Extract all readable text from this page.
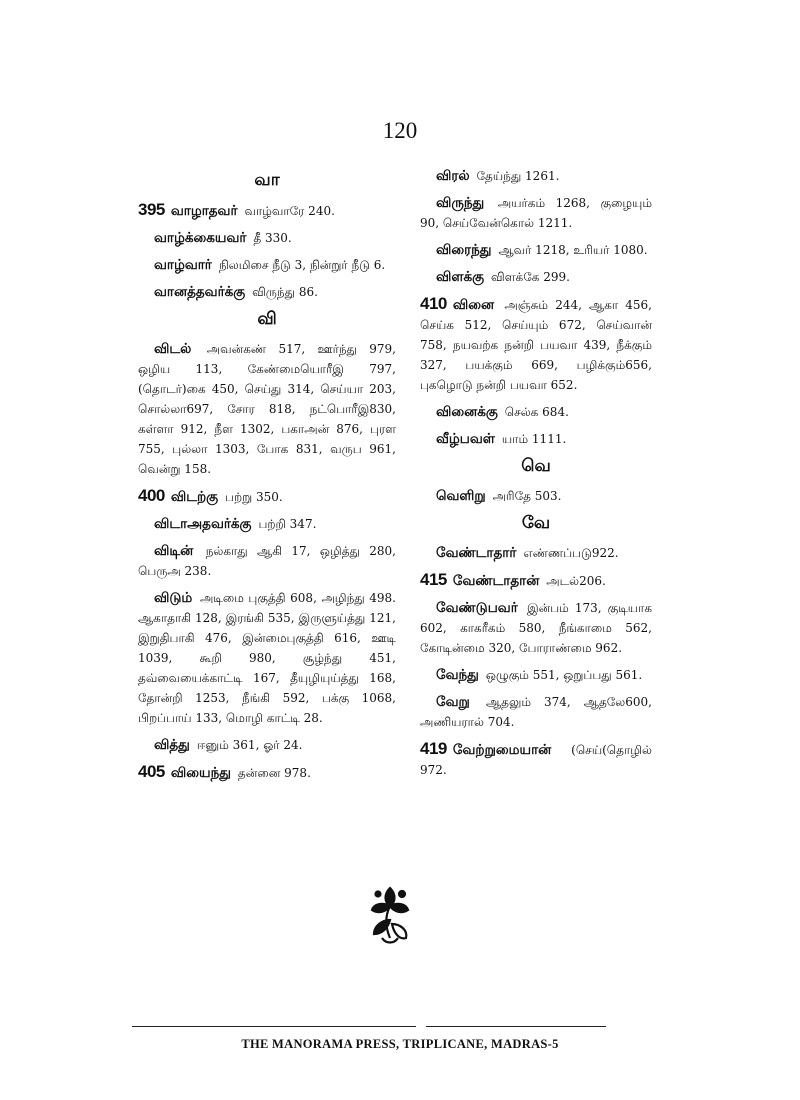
120
வா
395 வாழாதவர் வாழ்வாரே 240.
வாழ்க்கையவர் தீ 330.
வாழ்வார் நிலமிசை நீடு 3, நின்றுர் நீடு 6.
வானத்தவர்க்கு விருந்து 86.
வி
விடல் அவன்கண் 517, ஊர்ந்து 979, ஒழிய 113, கேண்மையொரீஇ 797, (தொடர்)கை 450, செய்து 314, செய்யா 203, சொல்லா697, சோர 818, நட்பொரீஇ830, கள்ளா 912, நீள 1302, பகாஅன் 876, புரள 755, புல்லா 1303, போக 831, வருப 961, வென்று 158.
400 விடற்கு பற்று 350.
விடாஅதவர்க்கு பற்றி 347.
விடின் நல்காது ஆகி 17, ஒழித்து 280, பெருஅ 238.
விடும் அடிமை புகுத்தி 608, அழிந்து 498. ஆகாதாகி 128, இரங்கி 535, இருளுய்த்து 121, இறுதிபாகி 476, இன்மைபுகுத்தி 616, ஊடி 1039, கூறி 980, சூழ்ந்து 451, தவ்வையைக்காட்டி 167, தீயுழியுய்த்து 168, தோன்றி 1253, நீங்கி 592, பக்கு 1068, பிறப்பாய் 133, மொழி காட்டி 28.
வித்து ஈனும் 361, ஓர் 24.
405 வியைந்து தன்னை 978.
விரல் தேய்ந்து 1261.
விருந்து அயர்கம் 1268, குழையும் 90, செய்வேன்கொல் 1211.
விரைந்து ஆவர் 1218, உரியர் 1080.
விளக்கு விளக்கே 299.
410 வினை அஞ்சும் 244, ஆகா 456, செய்க 512, செய்யும் 672, செய்வான் 758, நயவற்க நன்றி பயவா 439, நீக்கும் 327, பயக்கும் 669, பழிக்கும்656, புகழொடு நன்றி பயவா 652.
வினைக்கு செல்க 684.
வீழ்பவள் யாம் 1111.
வெ
வெளிறு அரிதே 503.
வே
வேண்டாதார் எண்ணப்படு922.
415 வேண்டாதான் அடல்206.
வேண்டுபவர் இன்பம் 173, குடியாக 602, காகரீகம் 580, நீங்காமை 562, கோடின்மை 320, போராண்மை 962.
வேந்து ஒழுகும் 551, ஒறுப்பது 561.
வேறு ஆதலும் 374, ஆதலே600, அணியரால் 704.
419 வேற்றுமையான் (செய்(தொழில் 972.
THE MANORAMA PRESS, TRIPLICANE, MADRAS-5
